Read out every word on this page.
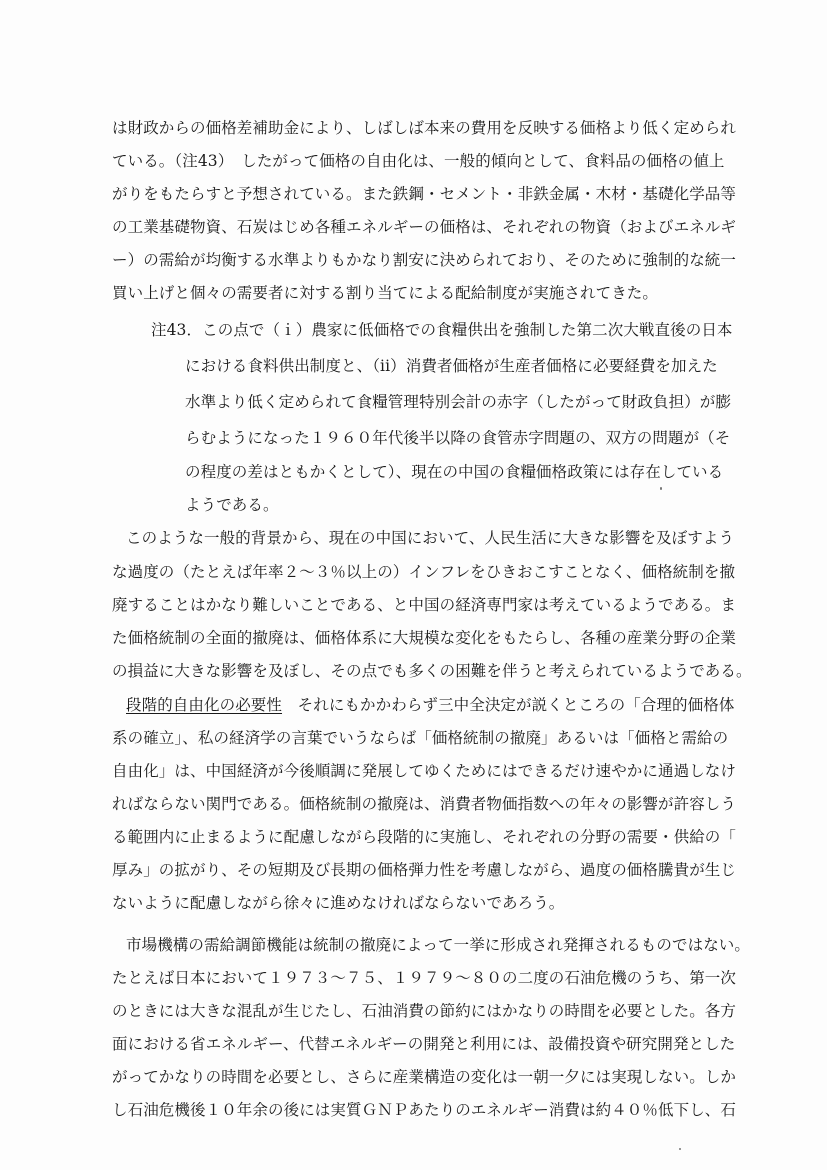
は財政からの価格差補助金により、しばしば本来の費用を反映する価格より低く定められ
ている。（注43）　したがって価格の自由化は、一般的傾向として、食料品の価格の値上
がりをもたらすと予想されている。また鉄鋼・セメント・非鉄金属・木材・基礎化学品等
の工業基礎物資、石炭はじめ各種エネルギーの価格は、それぞれの物資（およびエネルギ
ー）の需給が均衡する水準よりもかなり割安に決められており、そのために強制的な統一
買い上げと個々の需要者に対する割り当てによる配給制度が実施されてきた。
注43．この点で（ｉ）農家に低価格での食糧供出を強制した第二次大戦直後の日本
における食料供出制度と、（ii）消費者価格が生産者価格に必要経費を加えた
水準より低く定められて食糧管理特別会計の赤字（したがって財政負担）が膨
らむようになった１９６０年代後半以降の食管赤字問題の、双方の問題が（そ
の程度の差はともかくとして）、現在の中国の食糧価格政策には存在している
ようである。
このような一般的背景から、現在の中国において、人民生活に大きな影響を及ぼすよう
な過度の（たとえば年率２～３％以上の）インフレをひきおこすことなく、価格統制を撤
廃することはかなり難しいことである、と中国の経済専門家は考えているようである。ま
た価格統制の全面的撤廃は、価格体系に大規模な変化をもたらし、各種の産業分野の企業
の損益に大きな影響を及ぼし、その点でも多くの困難を伴うと考えられているようである。
段階的自由化の必要性　それにもかかわらず三中全決定が説くところの「合理的価格体
系の確立」、私の経済学の言葉でいうならば「価格統制の撤廃」あるいは「価格と需給の
自由化」は、中国経済が今後順調に発展してゆくためにはできるだけ速やかに通過しなけ
ればならない関門である。価格統制の撤廃は、消費者物価指数への年々の影響が許容しう
る範囲内に止まるように配慮しながら段階的に実施し、それぞれの分野の需要・供給の「
厚み」の拡がり、その短期及び長期の価格弾力性を考慮しながら、過度の価格騰貴が生じ
ないように配慮しながら徐々に進めなければならないであろう。
市場機構の需給調節機能は統制の撤廃によって一挙に形成され発揮されるものではない。
たとえば日本において１９７３～７５、１９７９～８０の二度の石油危機のうち、第一次
のときには大きな混乱が生じたし、石油消費の節約にはかなりの時間を必要とした。各方
面における省エネルギー、代替エネルギーの開発と利用には、設備投資や研究開発とした
がってかなりの時間を必要とし、さらに産業構造の変化は一朝一夕には実現しない。しか
し石油危機後１０年余の後には実質ＧＮＰあたりのエネルギー消費は約４０％低下し、石
